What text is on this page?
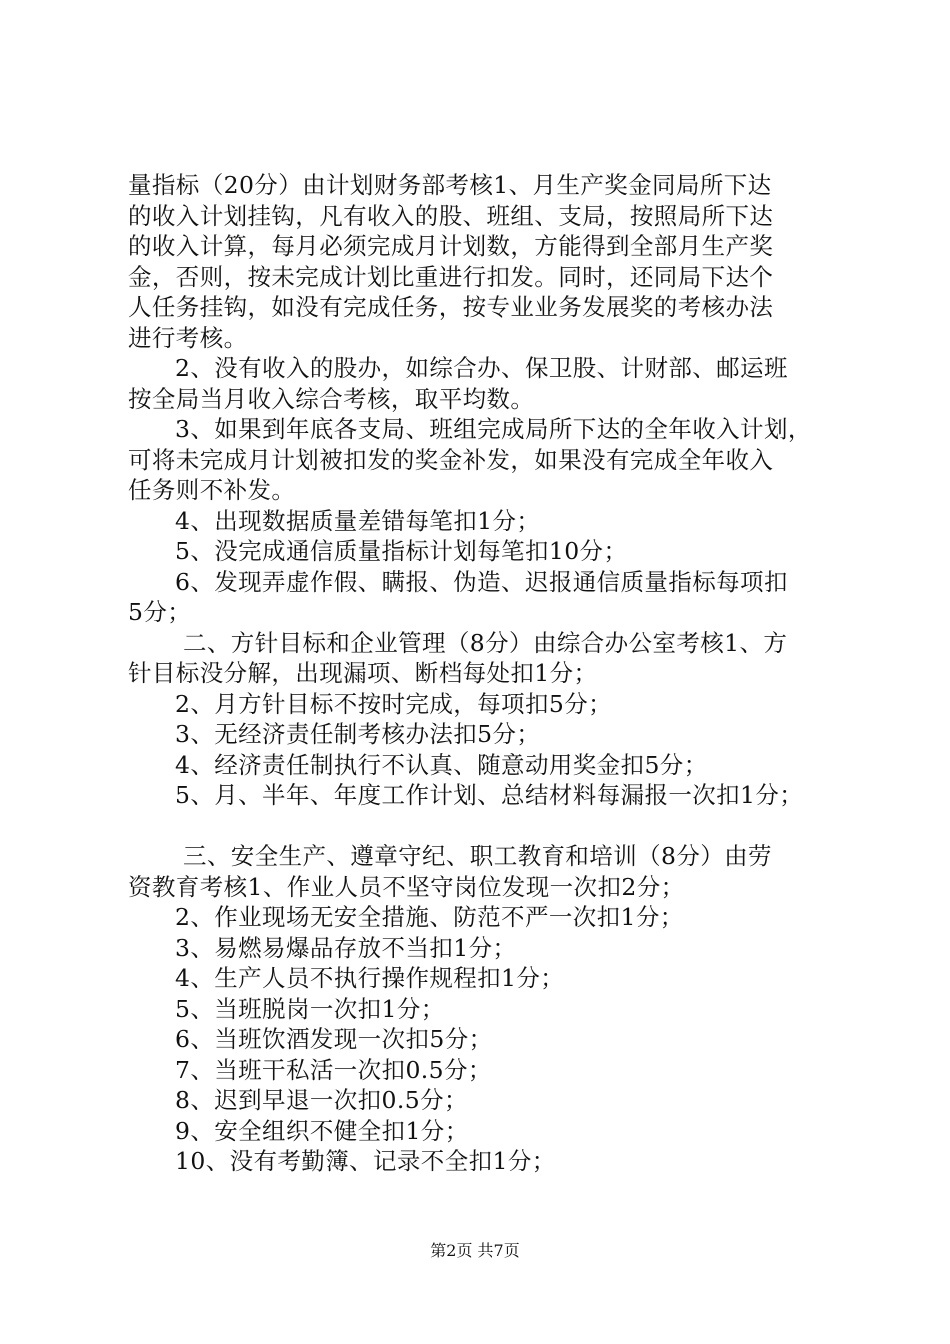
量指标（20分）由计划财务部考核1、月生产奖金同局所下达
的收入计划挂钩，凡有收入的股、班组、支局，按照局所下达
的收入计算，每月必须完成月计划数，方能得到全部月生产奖
金，否则，按未完成计划比重进行扣发。同时，还同局下达个
人任务挂钩，如没有完成任务，按专业业务发展奖的考核办法
进行考核。
2、没有收入的股办，如综合办、保卫股、计财部、邮运班
按全局当月收入综合考核，取平均数。
3、如果到年底各支局、班组完成局所下达的全年收入计划，
可将未完成月计划被扣发的奖金补发，如果没有完成全年收入
任务则不补发。
4、出现数据质量差错每笔扣1分；
5、没完成通信质量指标计划每笔扣10分；
6、发现弄虚作假、瞒报、伪造、迟报通信质量指标每项扣
5分；
二、方针目标和企业管理（8分）由综合办公室考核1、方
针目标没分解，出现漏项、断档每处扣1分；
2、月方针目标不按时完成，每项扣5分；
3、无经济责任制考核办法扣5分；
4、经济责任制执行不认真、随意动用奖金扣5分；
5、月、半年、年度工作计划、总结材料每漏报一次扣1分；
三、安全生产、遵章守纪、职工教育和培训（8分）由劳
资教育考核1、作业人员不坚守岗位发现一次扣2分；
2、作业现场无安全措施、防范不严一次扣1分；
3、易燃易爆品存放不当扣1分；
4、生产人员不执行操作规程扣1分；
5、当班脱岗一次扣1分；
6、当班饮酒发现一次扣5分；
7、当班干私活一次扣0.5分；
8、迟到早退一次扣0.5分；
9、安全组织不健全扣1分；
10、没有考勤簿、记录不全扣1分；
第2页 共7页
